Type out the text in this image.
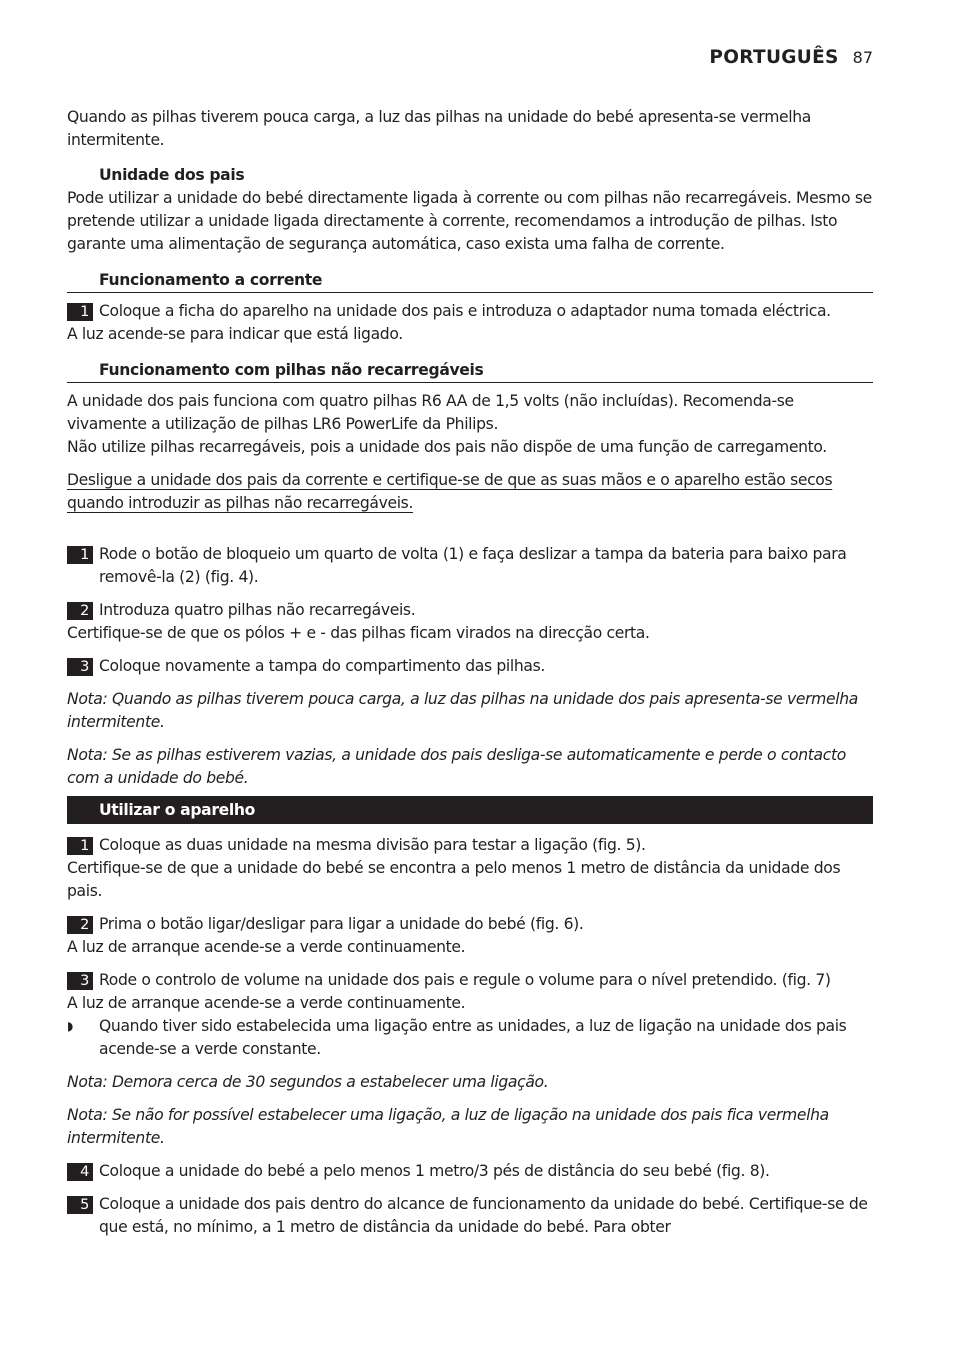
PORTUGUÊS 87

Quando as pilhas tiverem pouca carga, a luz das pilhas na unidade do bebé apresenta-se vermelha intermitente.

Unidade dos pais

Pode utilizar a unidade do bebé directamente ligada à corrente ou com pilhas não recarregáveis. Mesmo se pretende utilizar a unidade ligada directamente à corrente, recomendamos a introdução de pilhas. Isto garante uma alimentação de segurança automática, caso exista uma falha de corrente.

Funcionamento a corrente
1 Coloque a ficha do aparelho na unidade dos pais e introduza o adaptador numa tomada eléctrica.

A luz acende-se para indicar que está ligado.

Funcionamento com pilhas não recarregáveis

A unidade dos pais funciona com quatro pilhas R6 AA de 1,5 volts (não incluídas). Recomenda-se vivamente a utilização de pilhas LR6 PowerLife da Philips.

Não utilize pilhas recarregáveis, pois a unidade dos pais não dispõe de uma função de carregamento.

Desligue a unidade dos pais da corrente e certifique-se de que as suas mãos e o aparelho estão secos quando introduzir as pilhas não recarregáveis.

1 Rode o botão de bloqueio um quarto de volta (1) e faça deslizar a tampa da bateria para baixo para removê-la (2) (fig. 4).
2 Introduza quatro pilhas não recarregáveis.

Certifique-se de que os pólos + e - das pilhas ficam virados na direcção certa.

3 Coloque novamente a tampa do compartimento das pilhas.

Nota: Quando as pilhas tiverem pouca carga, a luz das pilhas na unidade dos pais apresenta-se vermelha intermitente.

Nota: Se as pilhas estiverem vazias, a unidade dos pais desliga-se automaticamente e perde o contacto com a unidade do bebé.

Utilizar o aparelho
1 Coloque as duas unidade na mesma divisão para testar a ligação (fig. 5).

Certifique-se de que a unidade do bebé se encontra a pelo menos 1 metro de distância da unidade dos pais.

2 Prima o botão ligar/desligar para ligar a unidade do bebé (fig. 6).

A luz de arranque acende-se a verde continuamente.

3 Rode o controlo de volume na unidade dos pais e regule o volume para o nível pretendido. (fig. 7)

A luz de arranque acende-se a verde continuamente.

◗ Quando tiver sido estabelecida uma ligação entre as unidades, a luz de ligação na unidade dos pais acende-se a verde constante.

Nota: Demora cerca de 30 segundos a estabelecer uma ligação.

Nota: Se não for possível estabelecer uma ligação, a luz de ligação na unidade dos pais fica vermelha intermitente.

4 Coloque a unidade do bebé a pelo menos 1 metro/3 pés de distância do seu bebé (fig. 8).
5 Coloque a unidade dos pais dentro do alcance de funcionamento da unidade do bebé. Certifique-se de que está, no mínimo, a 1 metro de distância da unidade do bebé. Para obter
